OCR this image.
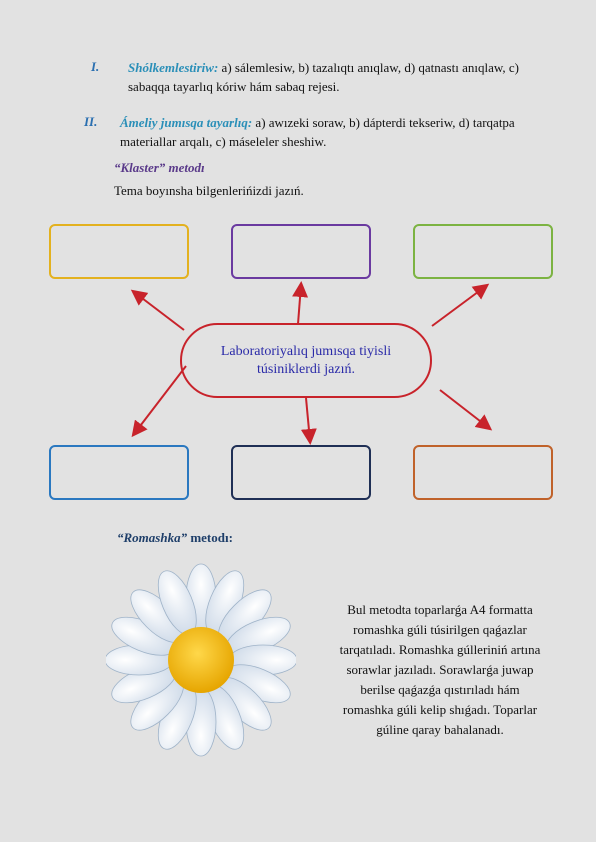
I. Shólkemlestiriw: a) sálemlesiw, b) tazalıqtı anıqlaw, d) qatnastı anıqlaw, c)
sabaqqa tayarlıq kóriw hám sabaq rejesi.
II. Ámeliy jumısqa tayarlıq: a) awızeki soraw, b) dápterdi tekseriw, d) tarqatpa
materiallar arqalı, c) máseleler sheshiw.
“Klaster” metodı
Tema boyınsha bilgenlerińizdi jazıń.
Laboratoriyalıq jumısqa tiyisli
túsiniklerdi jazıń.
“Romashka” metodı:
Bul metodta toparlarǵa A4 formatta
romashka gúli túsirilgen qaǵazlar
tarqatıladı. Romashka gúlleriniń artına
sorawlar jazıladı. Sorawlarǵa juwap
berilse qaǵazǵa qıstırıladı hám
romashka gúli kelip shıǵadı. Toparlar
gúline qaray bahalanadı.
